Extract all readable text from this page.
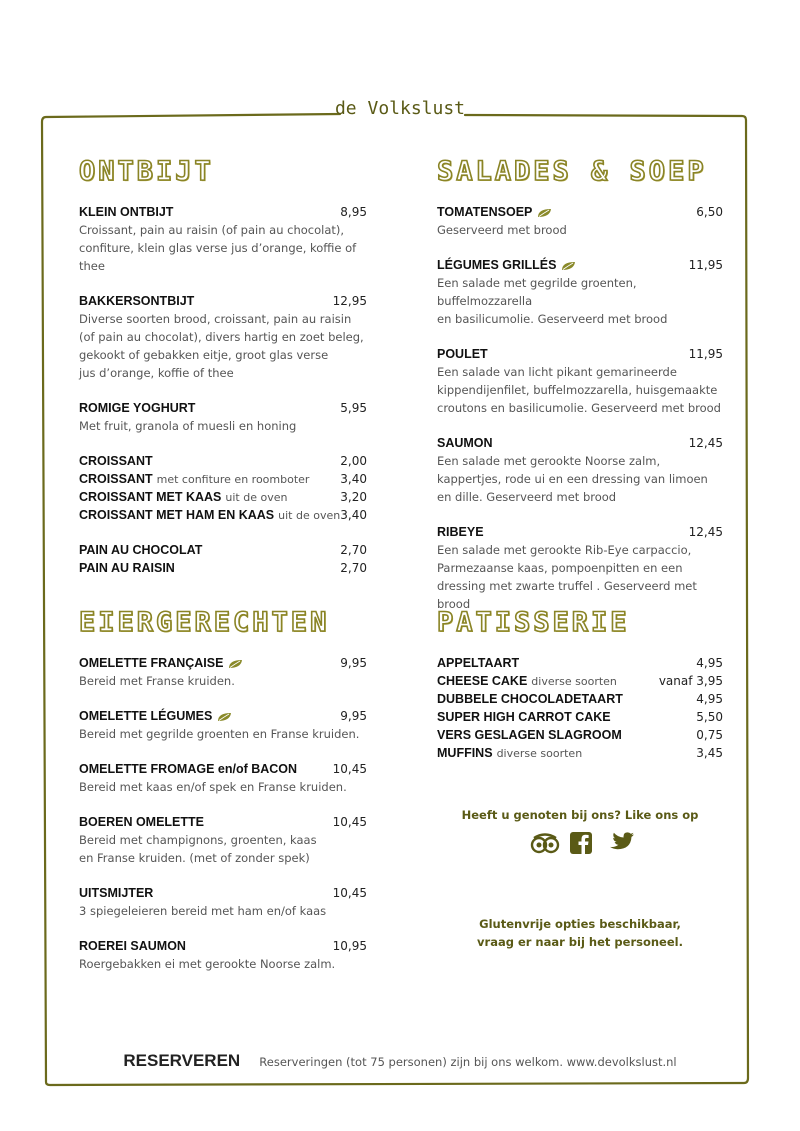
de Volkslust
ONTBIJT
KLEIN ONTBIJT	8,95
Croissant, pain au raisin (of pain au chocolat),
confiture, klein glas verse jus d’orange, koffie of thee
BAKKERSONTBIJT	12,95
Diverse soorten brood, croissant, pain au raisin
(of pain au chocolat), divers hartig en zoet beleg,
gekookt of gebakken eitje, groot glas verse
jus d’orange, koffie of thee
ROMIGE YOGHURT	5,95
Met fruit, granola of muesli en honing
CROISSANT	2,00
CROISSANT met confiture en roomboter	3,40
CROISSANT MET KAAS uit de oven	3,20
CROISSANT MET HAM EN KAAS uit de oven 3,40
PAIN AU CHOCOLAT	2,70
PAIN AU RAISIN	2,70
EIERGERECHTEN
OMELETTE FRANÇAISE	9,95
Bereid met Franse kruiden.
OMELETTE LÉGUMES	9,95
Bereid met gegrilde groenten en Franse kruiden.
OMELETTE FROMAGE en/of BACON	10,45
Bereid met kaas en/of spek en Franse kruiden.
BOEREN OMELETTE	10,45
Bereid met champignons, groenten, kaas
en Franse kruiden. (met of zonder spek)
UITSMIJTER	10,45
3 spiegeleieren bereid met ham en/of kaas
ROEREI SAUMON	10,95
Roergebakken ei met gerookte Noorse zalm.
SALADES & SOEP
TOMATENSOEP	6,50
Geserveerd met brood
LÉGUMES GRILLÉS	11,95
Een salade met gegrilde groenten, buffelmozzarella
en basilicumolie. Geserveerd met brood
POULET	11,95
Een salade van licht pikant gemarineerde
kippendijenfilet, buffelmozzarella, huisgemaakte
croutons en basilicumolie. Geserveerd met brood
SAUMON	12,45
Een salade met gerookte Noorse zalm,
kappertjes, rode ui en een dressing van limoen
en dille. Geserveerd met brood
RIBEYE	12,45
Een salade met gerookte Rib-Eye carpaccio,
Parmezaanse kaas, pompoenpitten en een
dressing met zwarte truffel . Geserveerd met brood
PATISSERIE
APPELTAART	4,95
CHEESE CAKE diverse soorten	vanaf 3,95
DUBBELE CHOCOLADETAART	4,95
SUPER HIGH CARROT CAKE	5,50
VERS GESLAGEN SLAGROOM	0,75
MUFFINS diverse soorten	3,45
Heeft u genoten bij ons? Like ons op
Glutenvrije opties beschikbaar,
vraag er naar bij het personeel.
RESERVEREN Reserveringen (tot 75 personen) zijn bij ons welkom. www.devolkslust.nl
